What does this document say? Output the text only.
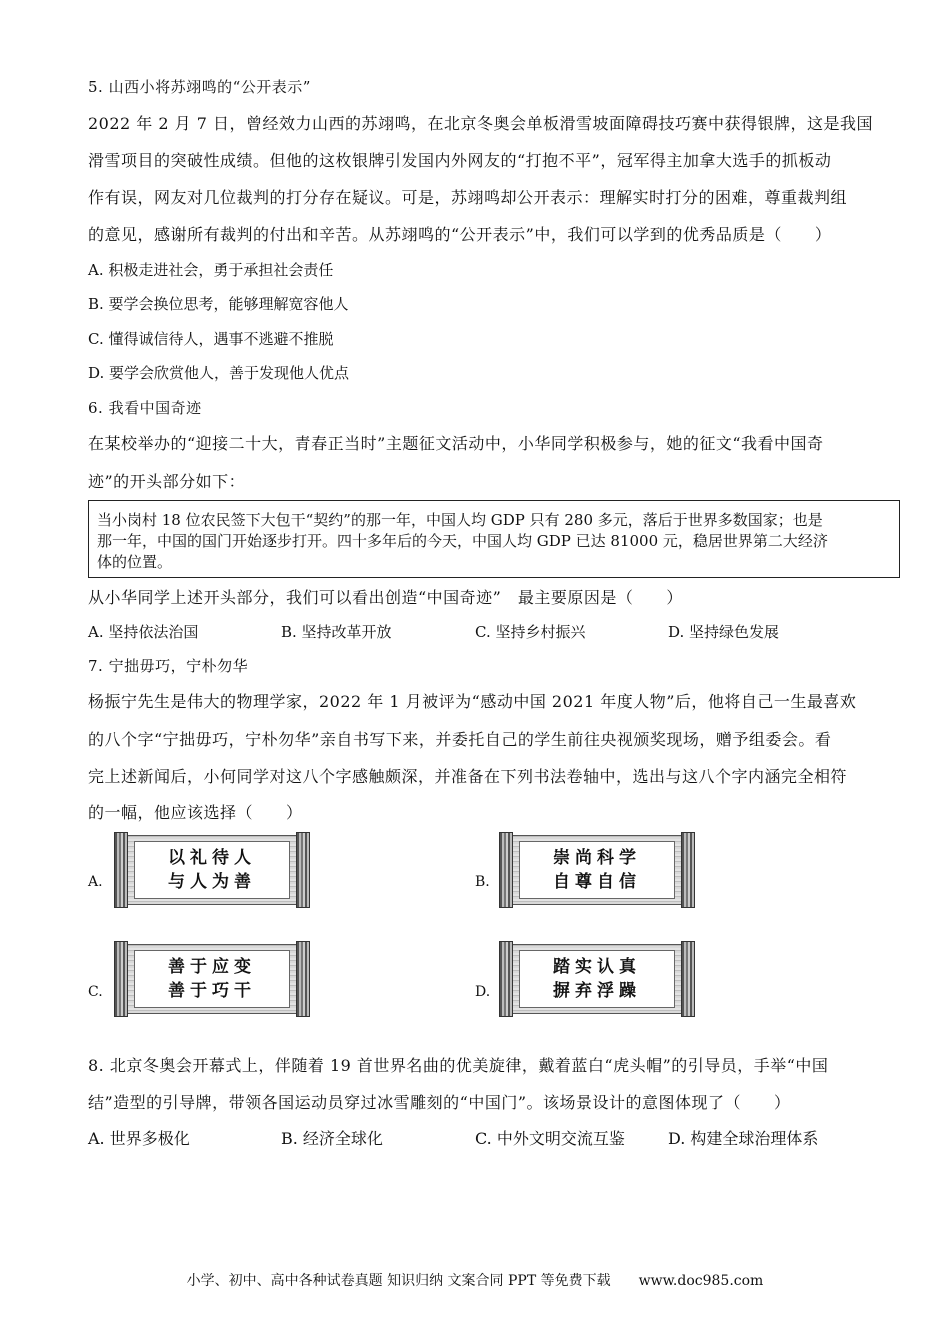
5. 山西小将苏翊鸣的“公开表示”
2022 年 2 月 7 日，曾经效力山西的苏翊鸣，在北京冬奥会单板滑雪坡面障碍技巧赛中获得银牌，这是我国
滑雪项目的突破性成绩。但他的这枚银牌引发国内外网友的“打抱不平”，冠军得主加拿大选手的抓板动
作有误，网友对几位裁判的打分存在疑议。可是，苏翊鸣却公开表示：理解实时打分的困难，尊重裁判组
的意见，感谢所有裁判的付出和辛苦。从苏翊鸣的“公开表示”中，我们可以学到的优秀品质是（　　）
A. 积极走进社会，勇于承担社会责任
B. 要学会换位思考，能够理解宽容他人
C. 懂得诚信待人，遇事不逃避不推脱
D. 要学会欣赏他人，善于发现他人优点
6. 我看中国奇迹
在某校举办的“迎接二十大，青春正当时”主题征文活动中，小华同学积极参与，她的征文“我看中国奇
迹”的开头部分如下：
当小岗村 18 位农民签下大包干“契约”的那一年，中国人均 GDP 只有 280 多元，落后于世界多数国家；也是
那一年，中国的国门开始逐步打开。四十多年后的今天，中国人均 GDP 已达 81000 元，稳居世界第二大经济
体的位置。
从小华同学上述开头部分，我们可以看出创造“中国奇迹”　最主要原因是（　　）
A. 坚持依法治国	B. 坚持改革开放	C. 坚持乡村振兴	D. 坚持绿色发展
7. 宁拙毋巧，宁朴勿华
杨振宁先生是伟大的物理学家，2022 年 1 月被评为“感动中国 2021 年度人物”后，他将自己一生最喜欢
的八个字“宁拙毋巧，宁朴勿华”亲自书写下来，并委托自己的学生前往央视颁奖现场，赠予组委会。看
完上述新闻后，小何同学对这八个字感触颇深，并准备在下列书法卷轴中，选出与这八个字内涵完全相符
的一幅，他应该选择（　　）
A.
以礼待人
与人为善	B.
崇尚科学
自尊自信
C.
善于应变
善于巧干	D.
踏实认真
摒弃浮躁
8. 北京冬奥会开幕式上，伴随着 19 首世界名曲的优美旋律，戴着蓝白“虎头帽”的引导员，手举“中国
结”造型的引导牌，带领各国运动员穿过冰雪雕刻的“中国门”。该场景设计的意图体现了（　　）
A. 世界多极化	B. 经济全球化	C. 中外文明交流互鉴	D. 构建全球治理体系
小学、初中、高中各种试卷真题 知识归纳 文案合同 PPT 等免费下载　　www.doc985.com
